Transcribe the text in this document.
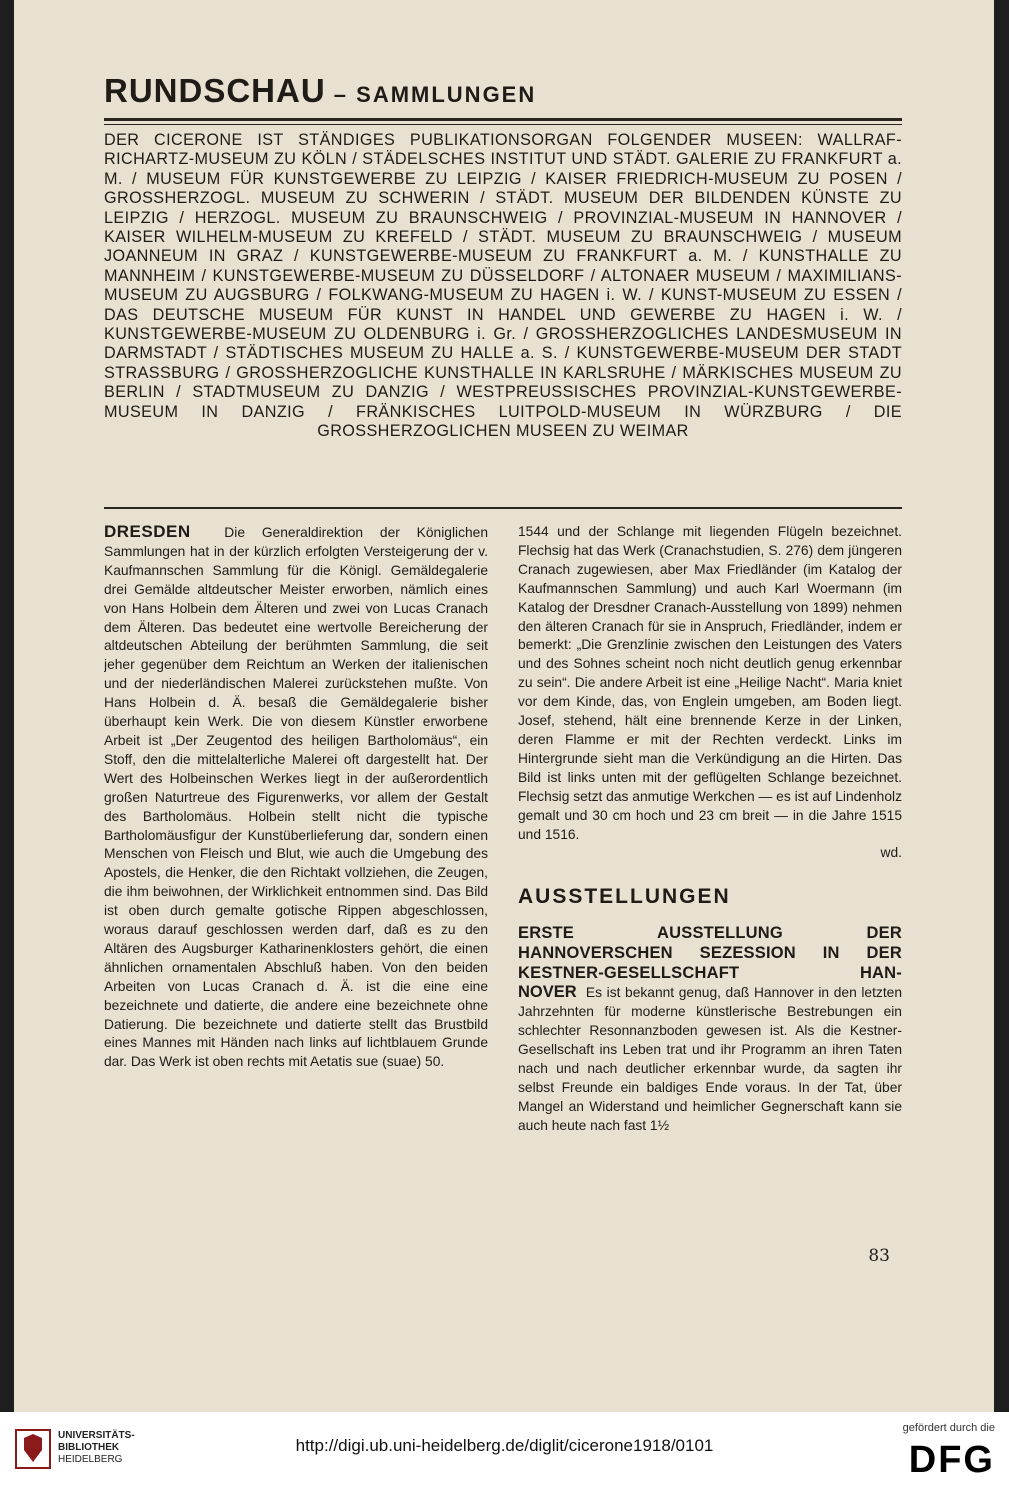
RUNDSCHAU – SAMMLUNGEN
DER CICERONE IST STÄNDIGES PUBLIKATIONSORGAN FOLGENDER MUSEEN: WALLRAF-RICHARTZ-MUSEUM ZU KÖLN / STÄDELSCHES INSTITUT UND STÄDT. GALERIE ZU FRANKFURT a. M. / MUSEUM FÜR KUNSTGEWERBE ZU LEIPZIG / KAISER FRIEDRICH-MUSEUM ZU POSEN / GROSSHERZOGL. MUSEUM ZU SCHWERIN / STÄDT. MUSEUM DER BILDENDEN KÜNSTE ZU LEIPZIG / HERZOGL. MUSEUM ZU BRAUNSCHWEIG / PROVINZIAL-MUSEUM IN HANNOVER / KAISER WILHELM-MUSEUM ZU KREFELD / STÄDT. MUSEUM ZU BRAUNSCHWEIG / MUSEUM JOANNEUM IN GRAZ / KUNSTGEWERBE-MUSEUM ZU FRANKFURT a. M. / KUNSTHALLE ZU MANNHEIM / KUNSTGEWERBE-MUSEUM ZU DÜSSELDORF / ALTONAER MUSEUM / MAXIMILIANS-MUSEUM ZU AUGSBURG / FOLKWANG-MUSEUM ZU HAGEN i. W. / KUNST-MUSEUM ZU ESSEN / DAS DEUTSCHE MUSEUM FÜR KUNST IN HANDEL UND GEWERBE ZU HAGEN i. W. / KUNSTGEWERBE-MUSEUM ZU OLDENBURG i. Gr. / GROSSHERZOGLICHES LANDESMUSEUM IN DARMSTADT / STÄDTISCHES MUSEUM ZU HALLE a. S. / KUNSTGEWERBE-MUSEUM DER STADT STRASSBURG / GROSSHERZOGLICHE KUNSTHALLE IN KARLSRUHE / MÄRKISCHES MUSEUM ZU BERLIN / STADTMUSEUM ZU DANZIG / WESTPREUSSISCHES PROVINZIAL-KUNSTGEWERBE-MUSEUM IN DANZIG / FRÄNKISCHES LUITPOLD-MUSEUM IN WÜRZBURG / DIE GROSSHERZOGLICHEN MUSEEN ZU WEIMAR

DRESDEN Die Generaldirektion der Königlichen Sammlungen hat in der kürzlich erfolgten Versteigerung der v. Kaufmannschen Sammlung für die Königl. Gemäldegalerie drei Gemälde altdeutscher Meister erworben, nämlich eines von Hans Holbein dem Älteren und zwei von Lucas Cranach dem Älteren. Das bedeutet eine wertvolle Bereicherung der altdeutschen Abteilung der berühmten Sammlung, die seit jeher gegenüber dem Reichtum an Werken der italienischen und der niederländischen Malerei zurückstehen mußte. Von Hans Holbein d. Ä. besaß die Gemäldegalerie bisher überhaupt kein Werk. Die von diesem Künstler erworbene Arbeit ist „Der Zeugentod des heiligen Bartholomäus“, ein Stoff, den die mittelalterliche Malerei oft dargestellt hat. Der Wert des Holbeinschen Werkes liegt in der außerordentlich großen Naturtreue des Figurenwerks, vor allem der Gestalt des Bartholomäus. Holbein stellt nicht die typische Bartholomäusfigur der Kunstüberlieferung dar, sondern einen Menschen von Fleisch und Blut, wie auch die Umgebung des Apostels, die Henker, die den Richtakt vollziehen, die Zeugen, die ihm beiwohnen, der Wirklichkeit entnommen sind. Das Bild ist oben durch gemalte gotische Rippen abgeschlossen, woraus darauf geschlossen werden darf, daß es zu den Altären des Augsburger Katharinenklosters gehört, die einen ähnlichen ornamentalen Abschluß haben. Von den beiden Arbeiten von Lucas Cranach d. Ä. ist die eine eine bezeichnete und datierte, die andere eine bezeichnete ohne Datierung. Die bezeichnete und datierte stellt das Brustbild eines Mannes mit Händen nach links auf lichtblauem Grunde dar. Das Werk ist oben rechts mit Aetatis sue (suae) 50.

1544 und der Schlange mit liegenden Flügeln bezeichnet. Flechsig hat das Werk (Cranachstudien, S. 276) dem jüngeren Cranach zugewiesen, aber Max Friedländer (im Katalog der Kaufmannschen Sammlung) und auch Karl Woermann (im Katalog der Dresdner Cranach-Ausstellung von 1899) nehmen den älteren Cranach für sie in Anspruch, Friedländer, indem er bemerkt: „Die Grenzlinie zwischen den Leistungen des Vaters und des Sohnes scheint noch nicht deutlich genug erkennbar zu sein“. Die andere Arbeit ist eine „Heilige Nacht“. Maria kniet vor dem Kinde, das, von Englein umgeben, am Boden liegt. Josef, stehend, hält eine brennende Kerze in der Linken, deren Flamme er mit der Rechten verdeckt. Links im Hintergrunde sieht man die Verkündigung an die Hirten. Das Bild ist links unten mit der geflügelten Schlange bezeichnet. Flechsig setzt das anmutige Werkchen — es ist auf Lindenholz gemalt und 30 cm hoch und 23 cm breit — in die Jahre 1515 und 1516.

wd.

AUSSTELLUNGEN
ERSTE AUSSTELLUNG DER HANNOVERSCHEN SEZESSION IN DER KESTNER-GESELLSCHAFT HAN-

NOVER Es ist bekannt genug, daß Hannover in den letzten Jahrzehnten für moderne künstlerische Bestrebungen ein schlechter Resonnanzboden gewesen ist. Als die Kestner-Gesellschaft ins Leben trat und ihr Programm an ihren Taten nach und nach deutlicher erkennbar wurde, da sagten ihr selbst Freunde ein baldiges Ende voraus. In der Tat, über Mangel an Widerstand und heimlicher Gegnerschaft kann sie auch heute nach fast 1½

83
UNIVERSITÄTS-
BIBLIOTHEK
HEIDELBERG
http://digi.ub.uni-heidelberg.de/diglit/cicerone1918/0101
gefördert durch die
DFG
